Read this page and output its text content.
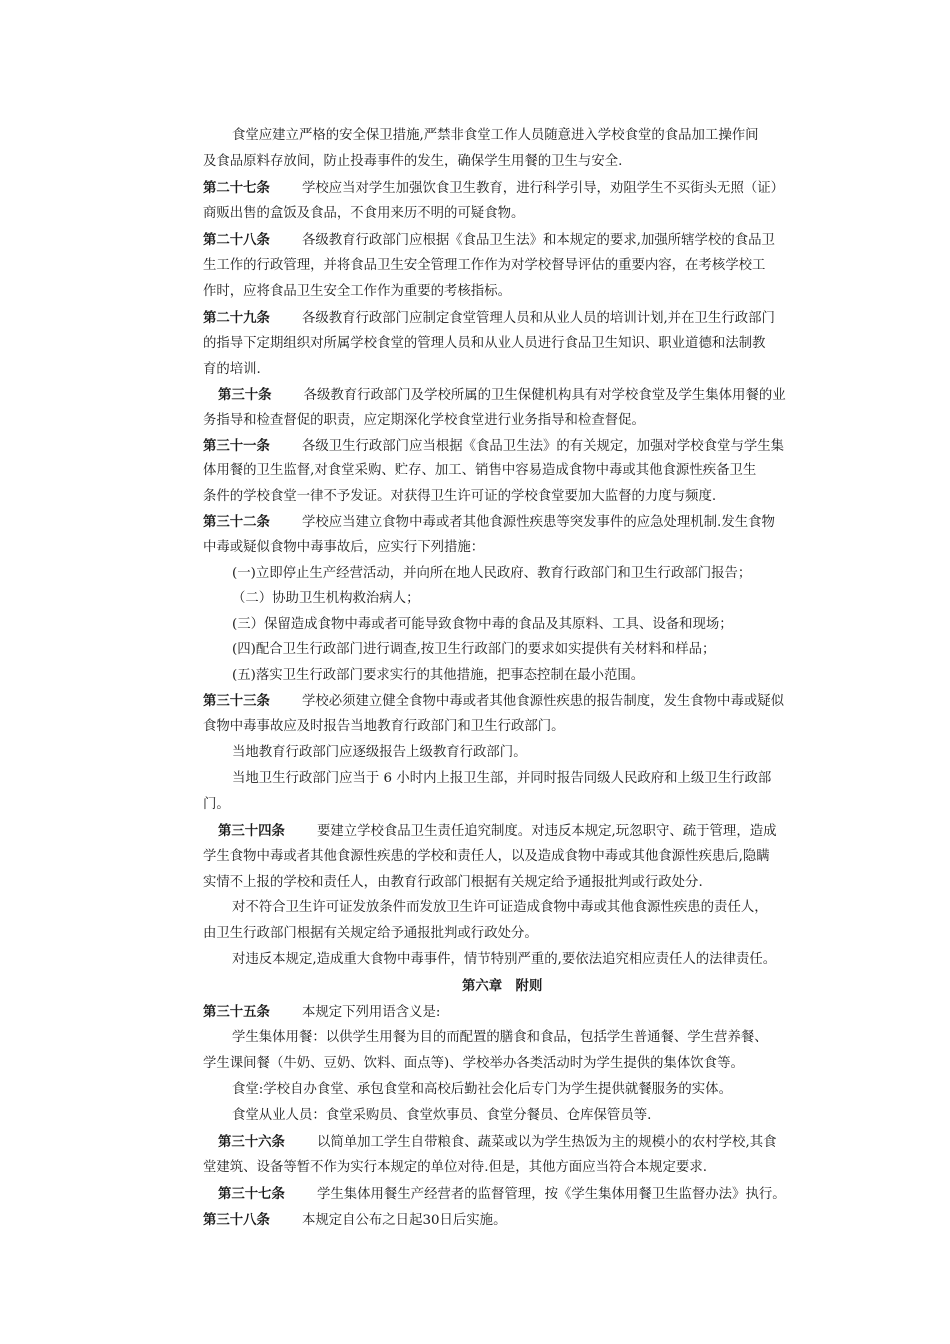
食堂应建立严格的安全保卫措施,严禁非食堂工作人员随意进入学校食堂的食品加工操作间
及食品原料存放间，防止投毒事件的发生，确保学生用餐的卫生与安全.
第二十七条 学校应当对学生加强饮食卫生教育，进行科学引导，劝阻学生不买街头无照（证）
商贩出售的盒饭及食品，不食用来历不明的可疑食物。
第二十八条 各级教育行政部门应根据《食品卫生法》和本规定的要求,加强所辖学校的食品卫
生工作的行政管理，并将食品卫生安全管理工作作为对学校督导评估的重要内容，在考核学校工
作时，应将食品卫生安全工作作为重要的考核指标。
第二十九条 各级教育行政部门应制定食堂管理人员和从业人员的培训计划,并在卫生行政部门
的指导下定期组织对所属学校食堂的管理人员和从业人员进行食品卫生知识、职业道德和法制教
育的培训.
第三十条 各级教育行政部门及学校所属的卫生保健机构具有对学校食堂及学生集体用餐的业
务指导和检查督促的职责，应定期深化学校食堂进行业务指导和检查督促。
第三十一条 各级卫生行政部门应当根据《食品卫生法》的有关规定，加强对学校食堂与学生集
体用餐的卫生监督,对食堂采购、贮存、加工、销售中容易造成食物中毒或其他食源性疾备卫生
条件的学校食堂一律不予发证。对获得卫生许可证的学校食堂要加大监督的力度与频度.
第三十二条 学校应当建立食物中毒或者其他食源性疾患等突发事件的应急处理机制.发生食物
中毒或疑似食物中毒事故后，应实行下列措施：
(一)立即停止生产经营活动，并向所在地人民政府、教育行政部门和卫生行政部门报告；
（二）协助卫生机构救治病人；
(三）保留造成食物中毒或者可能导致食物中毒的食品及其原料、工具、设备和现场；
(四)配合卫生行政部门进行调查,按卫生行政部门的要求如实提供有关材料和样品；
(五)落实卫生行政部门要求实行的其他措施，把事态控制在最小范围。
第三十三条 学校必须建立健全食物中毒或者其他食源性疾患的报告制度，发生食物中毒或疑似
食物中毒事故应及时报告当地教育行政部门和卫生行政部门。
当地教育行政部门应逐级报告上级教育行政部门。
当地卫生行政部门应当于 6 小时内上报卫生部，并同时报告同级人民政府和上级卫生行政部
门。
第三十四条 要建立学校食品卫生责任追究制度。对违反本规定,玩忽职守、疏于管理，造成
学生食物中毒或者其他食源性疾患的学校和责任人，以及造成食物中毒或其他食源性疾患后,隐瞒
实情不上报的学校和责任人，由教育行政部门根据有关规定给予通报批判或行政处分.
对不符合卫生许可证发放条件而发放卫生许可证造成食物中毒或其他食源性疾患的责任人，
由卫生行政部门根据有关规定给予通报批判或行政处分。
对违反本规定,造成重大食物中毒事件，情节特别严重的,要依法追究相应责任人的法律责任。
第六章　附则
第三十五条 本规定下列用语含义是:
学生集体用餐：以供学生用餐为目的而配置的膳食和食品，包括学生普通餐、学生营养餐、
学生课间餐（牛奶、豆奶、饮料、面点等)、学校举办各类活动时为学生提供的集体饮食等。
食堂:学校自办食堂、承包食堂和高校后勤社会化后专门为学生提供就餐服务的实体。
食堂从业人员：食堂采购员、食堂炊事员、食堂分餐员、仓库保管员等.
第三十六条 以简单加工学生自带粮食、蔬菜或以为学生热饭为主的规模小的农村学校,其食
堂建筑、设备等暂不作为实行本规定的单位对待.但是，其他方面应当符合本规定要求.
第三十七条 学生集体用餐生产经营者的监督管理，按《学生集体用餐卫生监督办法》执行。
第三十八条 本规定自公布之日起30日后实施。
